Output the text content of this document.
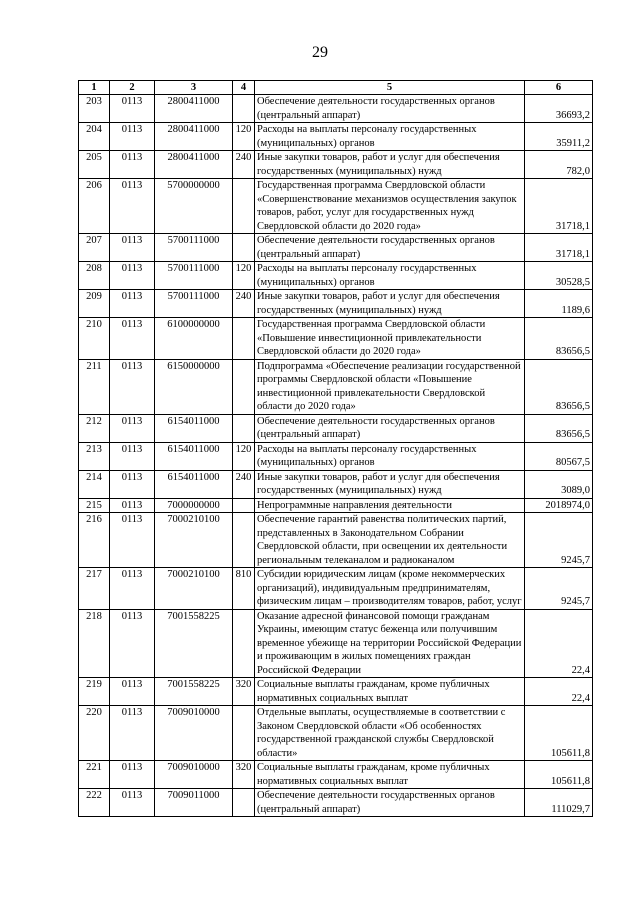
29
1	2	3	4	5	6
203	0113	2800411000		Обеспечение деятельности государственных органов (центральный аппарат)	36693,2
204	0113	2800411000	120	Расходы на выплаты персоналу государственных (муниципальных) органов	35911,2
205	0113	2800411000	240	Иные закупки товаров, работ и услуг для обеспечения государственных (муниципальных) нужд	782,0
206	0113	5700000000		Государственная программа Свердловской области «Совершенствование механизмов осуществления закупок товаров, работ, услуг для государственных нужд Свердловской области до 2020 года»	31718,1
207	0113	5700111000		Обеспечение деятельности государственных органов (центральный аппарат)	31718,1
208	0113	5700111000	120	Расходы на выплаты персоналу государственных (муниципальных) органов	30528,5
209	0113	5700111000	240	Иные закупки товаров, работ и услуг для обеспечения государственных (муниципальных) нужд	1189,6
210	0113	6100000000		Государственная программа Свердловской области «Повышение инвестиционной привлекательности Свердловской области до 2020 года»	83656,5
211	0113	6150000000		Подпрограмма «Обеспечение реализации государственной программы Свердловской области «Повышение инвестиционной привлекательности Свердловской области до 2020 года»	83656,5
212	0113	6154011000		Обеспечение деятельности государственных органов (центральный аппарат)	83656,5
213	0113	6154011000	120	Расходы на выплаты персоналу государственных (муниципальных) органов	80567,5
214	0113	6154011000	240	Иные закупки товаров, работ и услуг для обеспечения государственных (муниципальных) нужд	3089,0
215	0113	7000000000		Непрограммные направления деятельности	2018974,0
216	0113	7000210100		Обеспечение гарантий равенства политических партий, представленных в Законодательном Собрании Свердловской области, при освещении их деятельности региональным телеканалом и радиоканалом	9245,7
217	0113	7000210100	810	Субсидии юридическим лицам (кроме некоммерческих организаций), индивидуальным предпринимателям, физическим лицам – производителям товаров, работ, услуг	9245,7
218	0113	7001558225		Оказание адресной финансовой помощи гражданам Украины, имеющим статус беженца или получившим временное убежище на территории Российской Федерации и проживающим в жилых помещениях граждан Российской Федерации	22,4
219	0113	7001558225	320	Социальные выплаты гражданам, кроме публичных нормативных социальных выплат	22,4
220	0113	7009010000		Отдельные выплаты, осуществляемые в соответствии с Законом Свердловской области «Об особенностях государственной гражданской службы Свердловской области»	105611,8
221	0113	7009010000	320	Социальные выплаты гражданам, кроме публичных нормативных социальных выплат	105611,8
222	0113	7009011000		Обеспечение деятельности государственных органов (центральный аппарат)	111029,7
